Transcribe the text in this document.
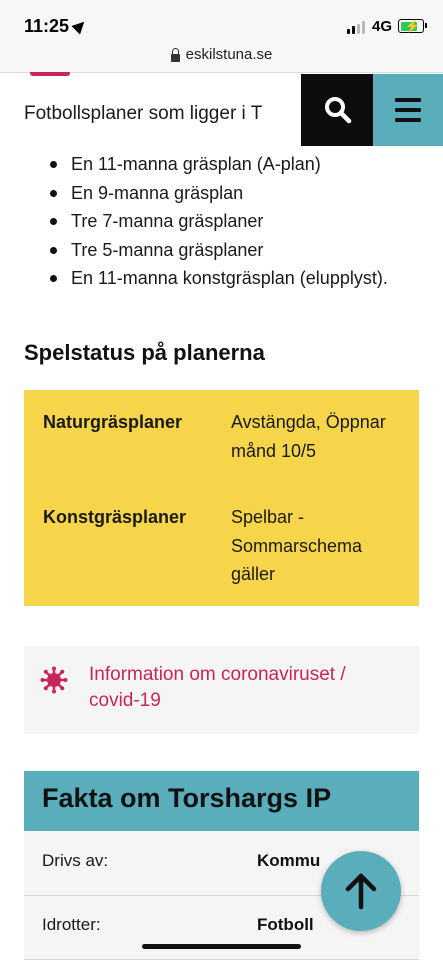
11:25	4G ⚡
eskilstuna.se
Fotbollsplaner som ligger i T
En 11-manna gräsplan (A-plan)
En 9-manna gräsplan
Tre 7-manna gräsplaner
Tre 5-manna gräsplaner
En 11-manna konstgräsplan (elupplyst).
Spelstatus på planerna
Naturgräsplaner	Avstängda, Öppnar
månd 10/5
Konstgräsplaner	Spelbar -
Sommarschema
gäller
Information om coronaviruset /
covid-19
Fakta om Torshargs IP
Drivs av:	Kommu
Idrotter:	Fotboll
